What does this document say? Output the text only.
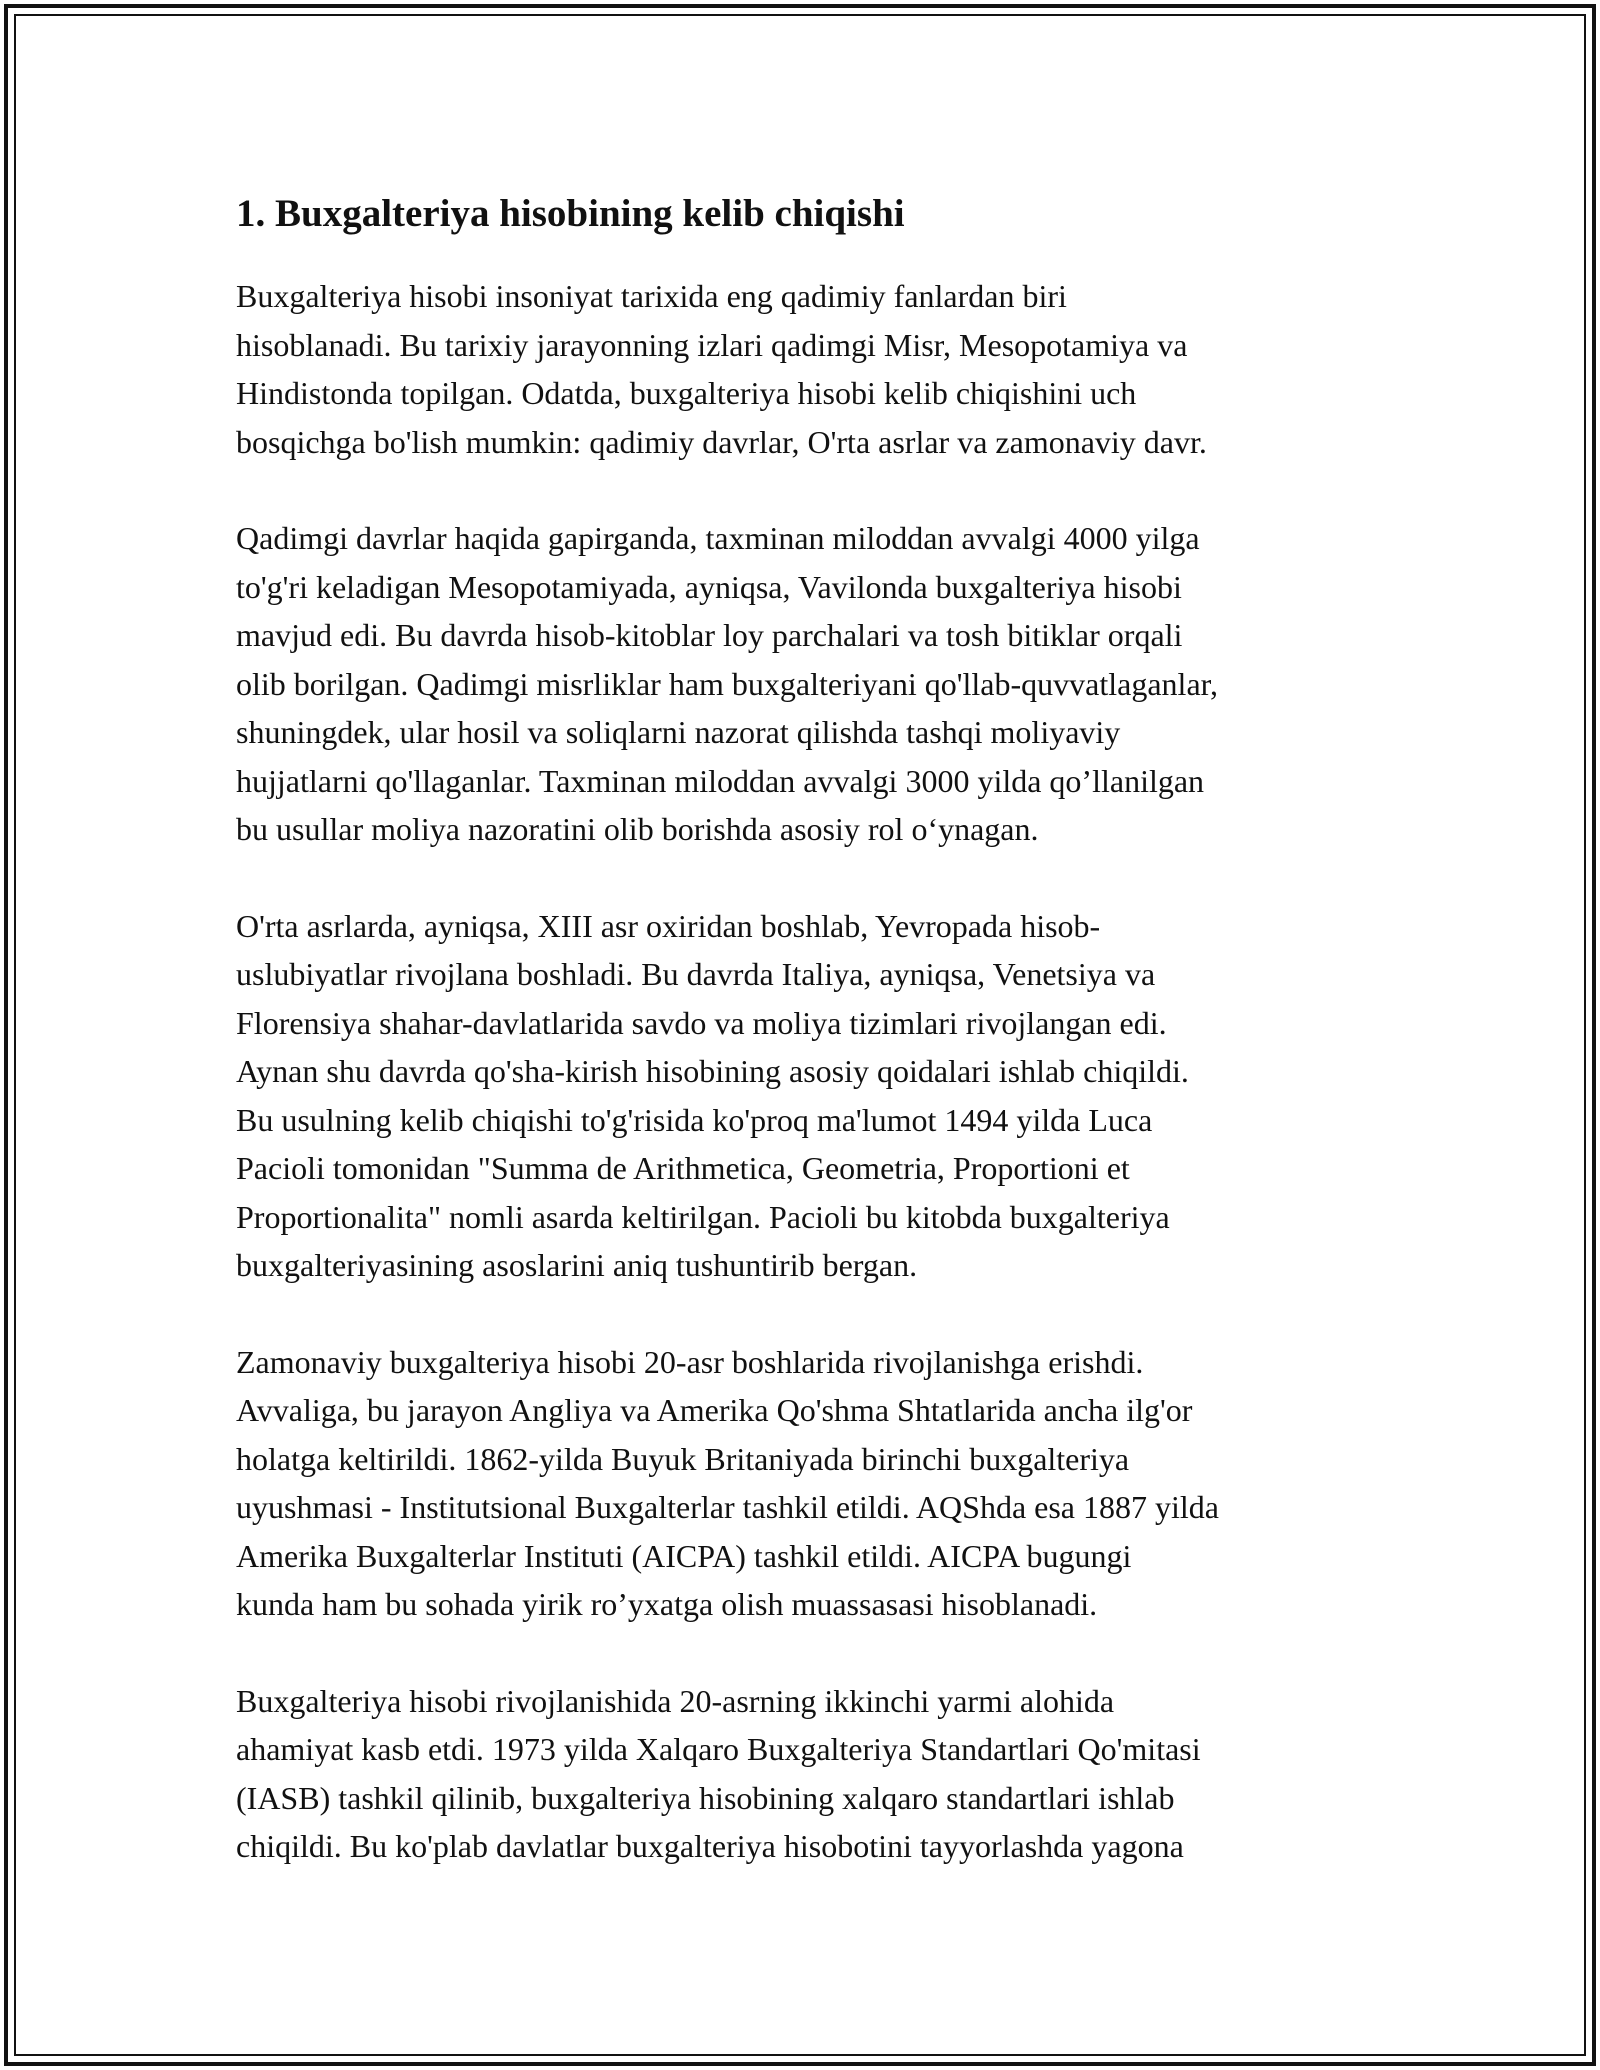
1. Buxgalteriya hisobining kelib chiqishi

Buxgalteriya hisobi insoniyat tarixida eng qadimiy fanlardan biri
hisoblanadi. Bu tarixiy jarayonning izlari qadimgi Misr, Mesopotamiya va
Hindistonda topilgan. Odatda, buxgalteriya hisobi kelib chiqishini uch
bosqichga bo'lish mumkin: qadimiy davrlar, O'rta asrlar va zamonaviy davr.

Qadimgi davrlar haqida gapirganda, taxminan miloddan avvalgi 4000 yilga
to'g'ri keladigan Mesopotamiyada, ayniqsa, Vavilonda buxgalteriya hisobi
mavjud edi. Bu davrda hisob-kitoblar loy parchalari va tosh bitiklar orqali
olib borilgan. Qadimgi misrliklar ham buxgalteriyani qo'llab-quvvatlaganlar,
shuningdek, ular hosil va soliqlarni nazorat qilishda tashqi moliyaviy
hujjatlarni qo'llaganlar. Taxminan miloddan avvalgi 3000 yilda qo’llanilgan
bu usullar moliya nazoratini olib borishda asosiy rol o‘ynagan.

O'rta asrlarda, ayniqsa, XIII asr oxiridan boshlab, Yevropada hisob-
uslubiyatlar rivojlana boshladi. Bu davrda Italiya, ayniqsa, Venetsiya va
Florensiya shahar-davlatlarida savdo va moliya tizimlari rivojlangan edi.
Aynan shu davrda qo'sha-kirish hisobining asosiy qoidalari ishlab chiqildi.
Bu usulning kelib chiqishi to'g'risida ko'proq ma'lumot 1494 yilda Luca
Pacioli tomonidan "Summa de Arithmetica, Geometria, Proportioni et
Proportionalita" nomli asarda keltirilgan. Pacioli bu kitobda buxgalteriya
buxgalteriyasining asoslarini aniq tushuntirib bergan.

Zamonaviy buxgalteriya hisobi 20-asr boshlarida rivojlanishga erishdi.
Avvaliga, bu jarayon Angliya va Amerika Qo'shma Shtatlarida ancha ilg'or
holatga keltirildi. 1862-yilda Buyuk Britaniyada birinchi buxgalteriya
uyushmasi - Institutsional Buxgalterlar tashkil etildi. AQShda esa 1887 yilda
Amerika Buxgalterlar Instituti (AICPA) tashkil etildi. AICPA bugungi
kunda ham bu sohada yirik ro’yxatga olish muassasasi hisoblanadi.

Buxgalteriya hisobi rivojlanishida 20-asrning ikkinchi yarmi alohida
ahamiyat kasb etdi. 1973 yilda Xalqaro Buxgalteriya Standartlari Qo'mitasi
(IASB) tashkil qilinib, buxgalteriya hisobining xalqaro standartlari ishlab
chiqildi. Bu ko'plab davlatlar buxgalteriya hisobotini tayyorlashda yagona
